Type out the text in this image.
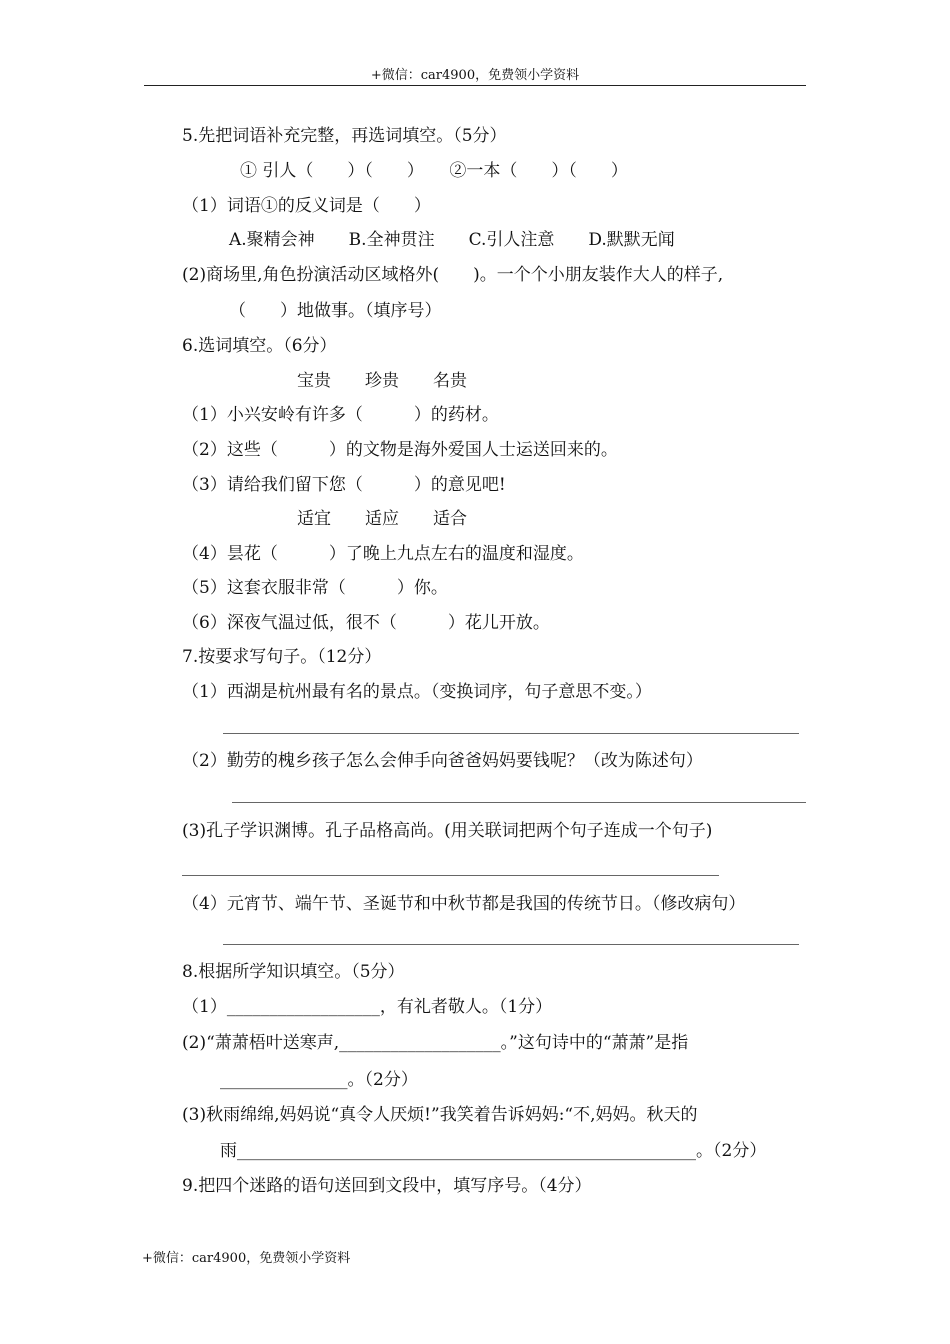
+微信：car4900，免费领小学资料
5.先把词语补充完整，再选词填空。（5分）
① 引人（　　）（　　）　　②一本（　　）（　　）
（1）词语①的反义词是（　　）
A.聚精会神　　B.全神贯注　　C.引人注意　　D.默默无闻
(2)商场里,角色扮演活动区域格外(　　)。一个个小朋友装作大人的样子,
（　　）地做事。（填序号）
6.选词填空。（6分）
宝贵　　珍贵　　名贵
（1）小兴安岭有许多（　　　）的药材。
（2）这些（　　　）的文物是海外爱国人士运送回来的。
（3）请给我们留下您（　　　）的意见吧!
适宜　　适应　　适合
（4）昙花（　　　）了晚上九点左右的温度和湿度。
（5）这套衣服非常（　　　）你。
（6）深夜气温过低，很不（　　　）花儿开放。
7.按要求写句子。（12分）
（1）西湖是杭州最有名的景点。（变换词序，句子意思不变。）
（2）勤劳的槐乡孩子怎么会伸手向爸爸妈妈要钱呢？（改为陈述句）
(3)孔子学识渊博。孔子品格高尚。(用关联词把两个句子连成一个句子)
（4）元宵节、端午节、圣诞节和中秋节都是我国的传统节日。（修改病句）
8.根据所学知识填空。（5分）
（1）__________________，有礼者敬人。（1分）
(2)“萧萧梧叶送寒声,___________________。”这句诗中的“萧萧”是指
_______________。（2分）
(3)秋雨绵绵,妈妈说“真令人厌烦!”我笑着告诉妈妈:“不,妈妈。秋天的
雨______________________________________________________。（2分）
9.把四个迷路的语句送回到文段中，填写序号。（4分）
+微信：car4900，免费领小学资料
